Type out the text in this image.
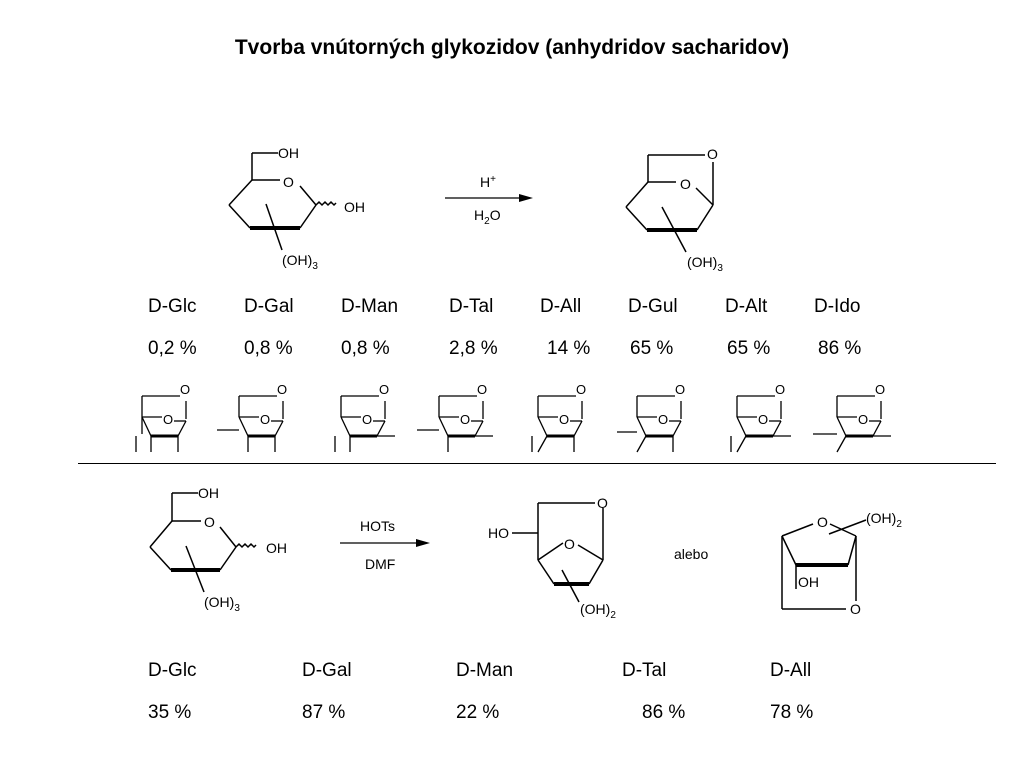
Tvorba vnútorných glykozidov (anhydridov sacharidov)
OH
O
OH
$(OH)_3$
H+
$H_2O$
O
O
$(OH)_3$
O
O
O
O
O
O
O
O
O
O
O
O
O
O
O
O
D-Glc D-Gal D-Man	D-Tal D-All D-Gul D-Alt D-Ido
0,2 % 0,8 %	0,8 %	2,8 %	14 % 65 %	65 %	86 %
OH
O
OH
$(OH)_3$
HOTs
DMF
HO
O
O
$(OH)_2$
alebo
O	$(OH)_2$
OH
O
D-Glc	D-Gal	D-Man	D-Tal	D-All
35 %	87 %	22 %	86 %	78 %
